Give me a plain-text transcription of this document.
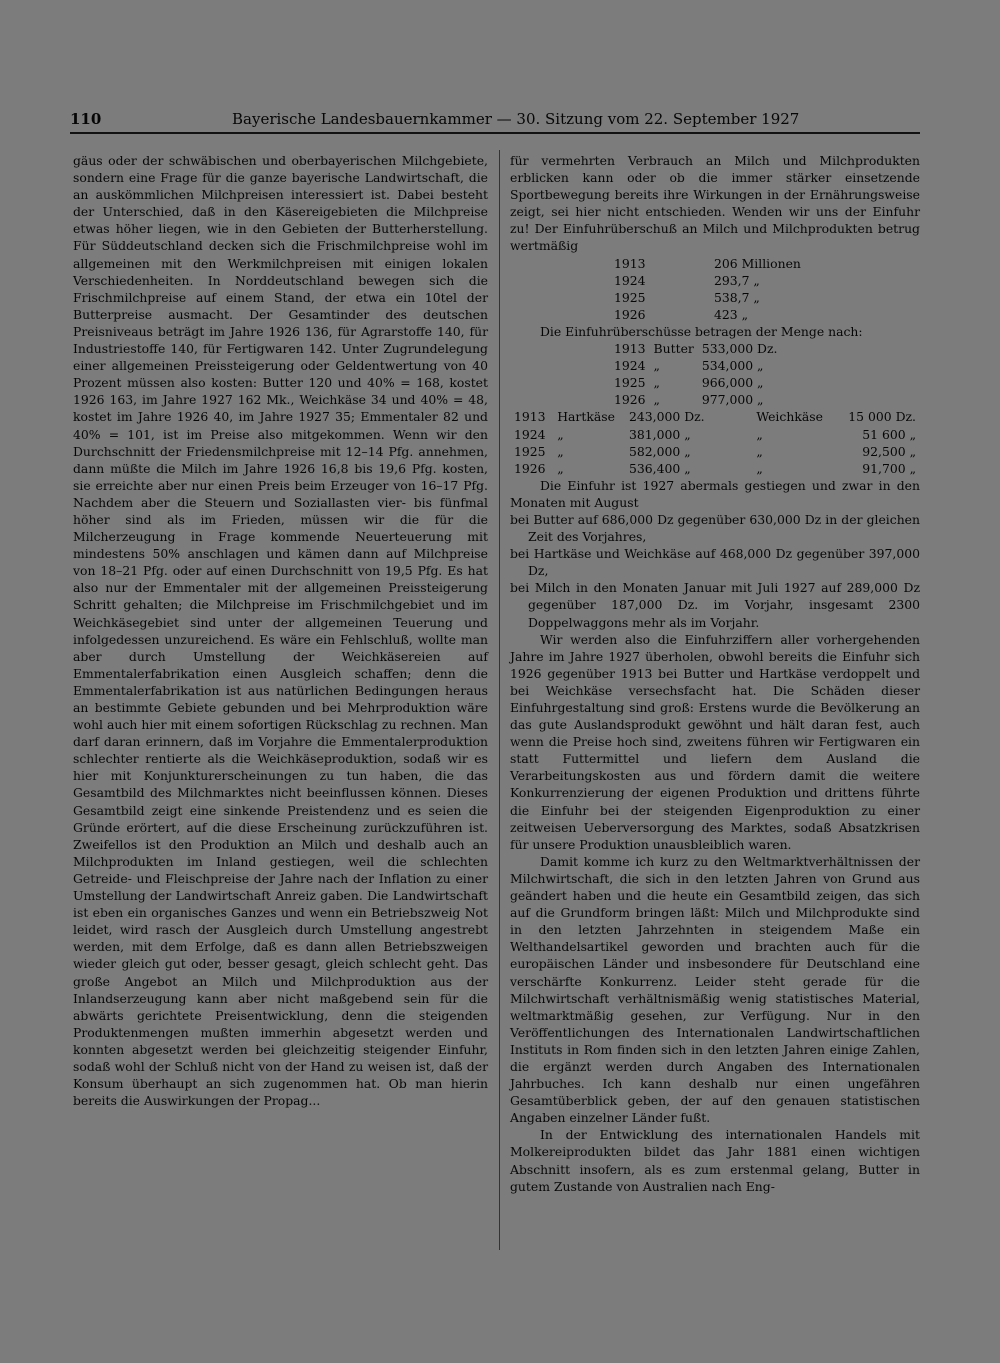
110	Bayerische Landesbauernkammer — 30. Sitzung vom 22. September 1927

gäus oder der schwäbischen und oberbayerischen Milchgebiete, sondern eine Frage für die ganze bayerische Landwirtschaft, die an auskömmlichen Milchpreisen interessiert ist. Dabei besteht der Unterschied, daß in den Käsereigebieten die Milchpreise etwas höher liegen, wie in den Gebieten der Butterherstellung. Für Süddeutschland decken sich die Frischmilchpreise wohl im allgemeinen mit den Werkmilchpreisen mit einigen lokalen Verschiedenheiten. In Norddeutschland bewegen sich die Frischmilchpreise auf einem Stand, der etwa ein 10tel der Butterpreise ausmacht. Der Gesamtinder des deutschen Preisniveaus beträgt im Jahre 1926 136, für Agrarstoffe 140, für Industriestoffe 140, für Fertigwaren 142. Unter Zugrundelegung einer allgemeinen Preissteigerung oder Geldentwertung von 40 Prozent müssen also kosten: Butter 120 und 40% = 168, kostet 1926 163, im Jahre 1927 162 Mk., Weichkäse 34 und 40% = 48, kostet im Jahre 1926 40, im Jahre 1927 35; Emmentaler 82 und 40% = 101, ist im Preise also mitgekommen. Wenn wir den Durchschnitt der Friedensmilchpreise mit 12–14 Pfg. annehmen, dann müßte die Milch im Jahre 1926 16,8 bis 19,6 Pfg. kosten, sie erreichte aber nur einen Preis beim Erzeuger von 16–17 Pfg. Nachdem aber die Steuern und Soziallasten vier- bis fünfmal höher sind als im Frieden, müssen wir die für die Milcherzeugung in Frage kommende Neuerteuerung mit mindestens 50% anschlagen und kämen dann auf Milchpreise von 18–21 Pfg. oder auf einen Durchschnitt von 19,5 Pfg. Es hat also nur der Emmentaler mit der allgemeinen Preissteigerung Schritt gehalten; die Milchpreise im Frischmilchgebiet und im Weichkäsegebiet sind unter der allgemeinen Teuerung und infolgedessen unzureichend. Es wäre ein Fehlschluß, wollte man aber durch Umstellung der Weichkäsereien auf Emmentalerfabrikation einen Ausgleich schaffen; denn die Emmentalerfabrikation ist aus natürlichen Bedingungen heraus an bestimmte Gebiete gebunden und bei Mehrproduktion wäre wohl auch hier mit einem sofortigen Rückschlag zu rechnen. Man darf daran erinnern, daß im Vorjahre die Emmentalerproduktion schlechter rentierte als die Weichkäseproduktion, sodaß wir es hier mit Konjunkturerscheinungen zu tun haben, die das Gesamtbild des Milchmarktes nicht beeinflussen können. Dieses Gesamtbild zeigt eine sinkende Preistendenz und es seien die Gründe erörtert, auf die diese Erscheinung zurückzuführen ist. Zweifellos ist den Produktion an Milch und deshalb auch an Milchprodukten im Inland gestiegen, weil die schlechten Getreide- und Fleischpreise der Jahre nach der Inflation zu einer Umstellung der Landwirtschaft Anreiz gaben. Die Landwirtschaft ist eben ein organisches Ganzes und wenn ein Betriebszweig Not leidet, wird rasch der Ausgleich durch Umstellung angestrebt werden, mit dem Erfolge, daß es dann allen Betriebszweigen wieder gleich gut oder, besser gesagt, gleich schlecht geht. Das große Angebot an Milch und Milchproduktion aus der Inlandserzeugung kann aber nicht maßgebend sein für die abwärts gerichtete Preisentwicklung, denn die steigenden Produktenmengen mußten immerhin abgesetzt werden und konnten abgesetzt werden bei gleichzeitig steigender Einfuhr, sodaß wohl der Schluß nicht von der Hand zu weisen ist, daß der Konsum überhaupt an sich zugenommen hat. Ob man hierin bereits die Auswirkungen der Propag...

für vermehrten Verbrauch an Milch und Milchprodukten erblicken kann oder ob die immer stärker einsetzende Sportbewegung bereits ihre Wirkungen in der Ernährungsweise zeigt, sei hier nicht entschieden. Wenden wir uns der Einfuhr zu! Der Einfuhrüberschuß an Milch und Milchprodukten betrug wertmäßig

1913	206 Millionen
1924	293,7 „
1925	538,7 „
1926	423 „

Die Einfuhrüberschüsse betragen der Menge nach:

1913	Butter	533,000 Dz.
1924	„	534,000 „
1925	„	966,000 „
1926	„	977,000 „
1913	Hartkäse	243,000 Dz.	Weichkäse	15 000 Dz.
1924	„	381,000 „	„	51 600 „
1925	„	582,000 „	„	92,500 „
1926	„	536,400 „	„	91,700 „

Die Einfuhr ist 1927 abermals gestiegen und zwar in den Monaten mit August

bei Butter auf 686,000 Dz gegenüber 630,000 Dz in der gleichen Zeit des Vorjahres,

bei Hartkäse und Weichkäse auf 468,000 Dz gegenüber 397,000 Dz,

bei Milch in den Monaten Januar mit Juli 1927 auf 289,000 Dz gegenüber 187,000 Dz. im Vorjahr, insgesamt 2300 Doppelwaggons mehr als im Vorjahr.

Wir werden also die Einfuhrziffern aller vorhergehenden Jahre im Jahre 1927 überholen, obwohl bereits die Einfuhr sich 1926 gegenüber 1913 bei Butter und Hartkäse verdoppelt und bei Weichkäse versechsfacht hat. Die Schäden dieser Einfuhrgestaltung sind groß: Erstens wurde die Bevölkerung an das gute Auslandsprodukt gewöhnt und hält daran fest, auch wenn die Preise hoch sind, zweitens führen wir Fertigwaren ein statt Futtermittel und liefern dem Ausland die Verarbeitungskosten aus und fördern damit die weitere Konkurrenzierung der eigenen Produktion und drittens führte die Einfuhr bei der steigenden Eigenproduktion zu einer zeitweisen Ueberversorgung des Marktes, sodaß Absatzkrisen für unsere Produktion unausbleiblich waren.

Damit komme ich kurz zu den Weltmarktverhältnissen der Milchwirtschaft, die sich in den letzten Jahren von Grund aus geändert haben und die heute ein Gesamtbild zeigen, das sich auf die Grundform bringen läßt: Milch und Milchprodukte sind in den letzten Jahrzehnten in steigendem Maße ein Welthandelsartikel geworden und brachten auch für die europäischen Länder und insbesondere für Deutschland eine verschärfte Konkurrenz. Leider steht gerade für die Milchwirtschaft verhältnismäßig wenig statistisches Material, weltmarktmäßig gesehen, zur Verfügung. Nur in den Veröffentlichungen des Internationalen Landwirtschaftlichen Instituts in Rom finden sich in den letzten Jahren einige Zahlen, die ergänzt werden durch Angaben des Internationalen Jahrbuches. Ich kann deshalb nur einen ungefähren Gesamtüberblick geben, der auf den genauen statistischen Angaben einzelner Länder fußt.

In der Entwicklung des internationalen Handels mit Molkereiprodukten bildet das Jahr 1881 einen wichtigen Abschnitt insofern, als es zum erstenmal gelang, Butter in gutem Zustande von Australien nach Eng-
